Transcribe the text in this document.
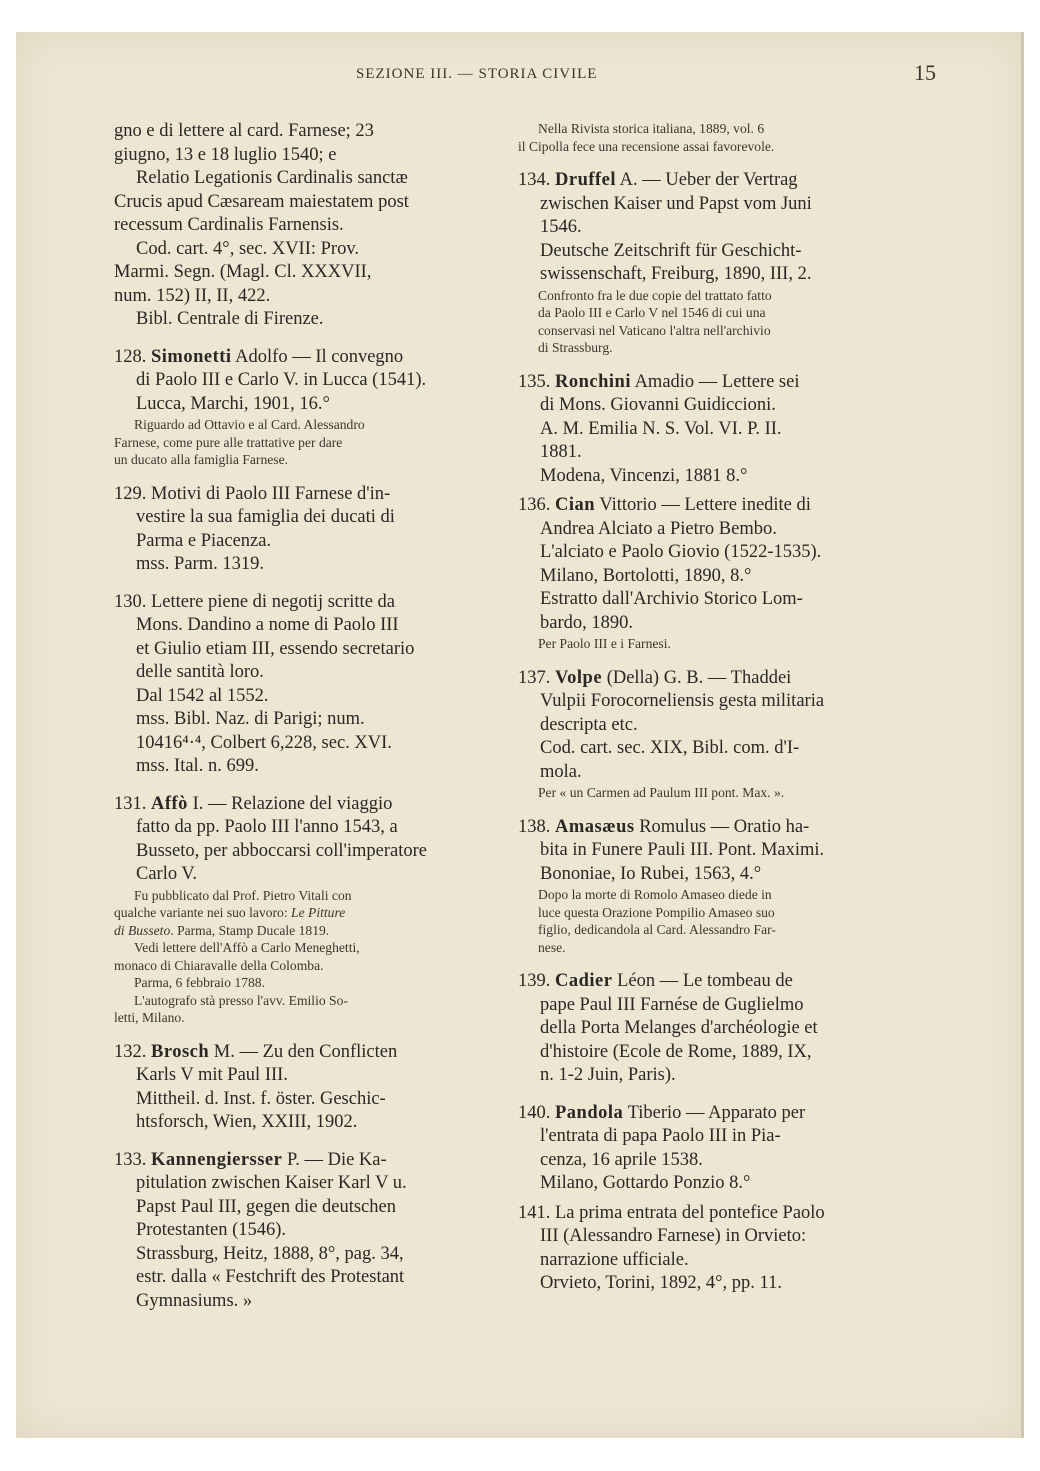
SEZIONE III. — STORIA CIVILE	15
gno e di lettere al card. Farnese; 23
giugno, 13 e 18 luglio 1540; e
Relatio Legationis Cardinalis sanctæ
Crucis apud Cæsaream maiestatem post
recessum Cardinalis Farnensis.
Cod. cart. 4°, sec. XVII: Prov.
Marmi. Segn. (Magl. Cl. XXXVII,
num. 152) II, II, 422.
Bibl. Centrale di Firenze.
128. Simonetti Adolfo — Il convegno
di Paolo III e Carlo V. in Lucca (1541).
Lucca, Marchi, 1901, 16.°
Riguardo ad Ottavio e al Card. Alessandro
Farnese, come pure alle trattative per dare
un ducato alla famiglia Farnese.
129. Motivi di Paolo III Farnese d'in-
vestire la sua famiglia dei ducati di
Parma e Piacenza.
mss. Parm. 1319.
130. Lettere piene di negotij scritte da
Mons. Dandino a nome di Paolo III
et Giulio etiam III, essendo secretario
delle santità loro.
Dal 1542 al 1552.
mss. Bibl. Naz. di Parigi; num.
10416⁴·⁴, Colbert 6,228, sec. XVI.
mss. Ital. n. 699.
131. Affò I. — Relazione del viaggio
fatto da pp. Paolo III l'anno 1543, a
Busseto, per abboccarsi coll'imperatore
Carlo V.
Fu pubblicato dal Prof. Pietro Vitali con
qualche variante nei suo lavoro: Le Pitture
di Busseto. Parma, Stamp Ducale 1819.
Vedi lettere dell'Affò a Carlo Meneghetti,
monaco di Chiaravalle della Colomba.
Parma, 6 febbraio 1788.
L'autografo stà presso l'avv. Emilio So-
letti, Milano.
132. Brosch M. — Zu den Conflicten
Karls V mit Paul III.
Mittheil. d. Inst. f. öster. Geschic-
htsforsch, Wien, XXIII, 1902.
133. Kannengiersser P. — Die Ka-
pitulation zwischen Kaiser Karl V u.
Papst Paul III, gegen die deutschen
Protestanten (1546).
Strassburg, Heitz, 1888, 8°, pag. 34,
estr. dalla « Festchrift des Protestant
Gymnasiums. »
Nella Rivista storica italiana, 1889, vol. 6
il Cipolla fece una recensione assai favorevole.
134. Druffel A. — Ueber der Vertrag
zwischen Kaiser und Papst vom Juni
1546.
Deutsche Zeitschrift für Geschicht-
swissenschaft, Freiburg, 1890, III, 2.
Confronto fra le due copie del trattato fatto
da Paolo III e Carlo V nel 1546 di cui una
conservasi nel Vaticano l'altra nell'archivio
di Strassburg.
135. Ronchini Amadio — Lettere sei
di Mons. Giovanni Guidiccioni.
A. M. Emilia N. S. Vol. VI. P. II.
1881.
Modena, Vincenzi, 1881 8.°
136. Cian Vittorio — Lettere inedite di
Andrea Alciato a Pietro Bembo.
L'alciato e Paolo Giovio (1522-1535).
Milano, Bortolotti, 1890, 8.°
Estratto dall'Archivio Storico Lom-
bardo, 1890.
Per Paolo III e i Farnesi.
137. Volpe (Della) G. B. — Thaddei
Vulpii Forocorneliensis gesta militaria
descripta etc.
Cod. cart. sec. XIX, Bibl. com. d'I-
mola.
Per « un Carmen ad Paulum III pont. Max. ».
138. Amasæus Romulus — Oratio ha-
bita in Funere Pauli III. Pont. Maximi.
Bononiae, Io Rubei, 1563, 4.°
Dopo la morte di Romolo Amaseo diede in
luce questa Orazione Pompilio Amaseo suo
figlio, dedicandola al Card. Alessandro Far-
nese.
139. Cadier Léon — Le tombeau de
pape Paul III Farnése de Guglielmo
della Porta Melanges d'archéologie et
d'histoire (Ecole de Rome, 1889, IX,
n. 1-2 Juin, Paris).
140. Pandola Tiberio — Apparato per
l'entrata di papa Paolo III in Pia-
cenza, 16 aprile 1538.
Milano, Gottardo Ponzio 8.°
141. La prima entrata del pontefice Paolo
III (Alessandro Farnese) in Orvieto:
narrazione ufficiale.
Orvieto, Torini, 1892, 4°, pp. 11.
